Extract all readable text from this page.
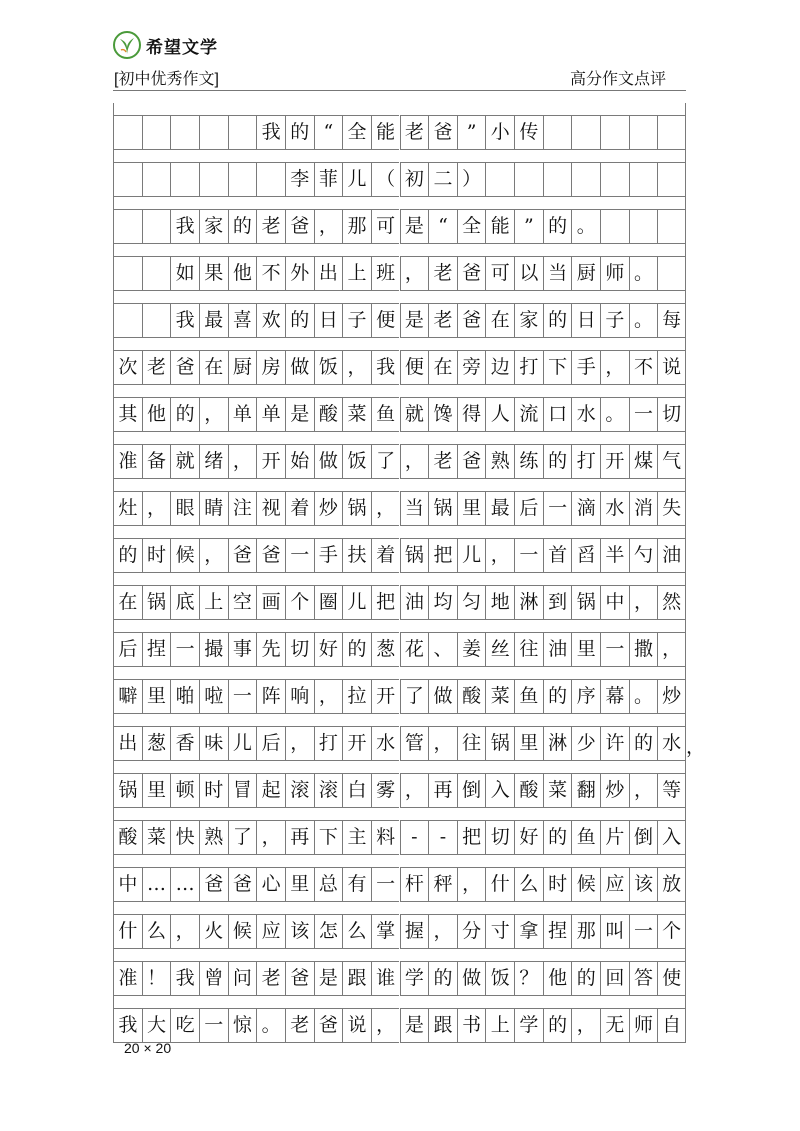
希望文学
[初中优秀作文]	高分作文点评
我 的 “ 全 能 老 爸 ” 小 传
李 菲 儿 （ 初 二 ）
我 家 的 老 爸 ， 那 可 是 “ 全 能 ” 的 。
如 果 他 不 外 出 上 班 ， 老 爸 可 以 当 厨 师 。
我 最 喜 欢 的 日 子 便 是 老 爸 在 家 的 日 子 。 每
次 老 爸 在 厨 房 做 饭 ， 我 便 在 旁 边 打 下 手 ， 不 说
其 他 的 ， 单 单 是 酸 菜 鱼 就 馋 得 人 流 口 水 。 一 切
准 备 就 绪 ， 开 始 做 饭 了 ， 老 爸 熟 练 的 打 开 煤 气
灶 ， 眼 睛 注 视 着 炒 锅 ， 当 锅 里 最 后 一 滴 水 消 失
的 时 候 ， 爸 爸 一 手 扶 着 锅 把 儿 ， 一 首 舀 半 勺 油
在 锅 底 上 空 画 个 圈 儿 把 油 均 匀 地 淋 到 锅 中 ， 然
后 捏 一 撮 事 先 切 好 的 葱 花 、 姜 丝 往 油 里 一 撒 ，
噼 里 啪 啦 一 阵 响 ， 拉 开 了 做 酸 菜 鱼 的 序 幕 。 炒
出 葱 香 味 儿 后 ， 打 开 水 管 ， 往 锅 里 淋 少 许 的 水
锅 里 顿 时 冒 起 滚 滚 白 雾 ， 再 倒 入 酸 菜 翻 炒 ， 等
酸 菜 快 熟 了 ， 再 下 主 料 -	- 把 切 好 的 鱼 片 倒 入
中 … … 爸 爸 心 里 总 有 一 杆 秤 ， 什 么 时 候 应 该 放
什 么 ， 火 候 应 该 怎 么 掌 握 ， 分 寸 拿 捏 那 叫 一 个
准 ！ 我 曾 问 老 爸 是 跟 谁 学 的 做 饭 ？ 他 的 回 答 使
我 大 吃 一 惊 。 老 爸 说 ， 是 跟 书 上 学 的 ， 无 师 自
，
20 × 20
